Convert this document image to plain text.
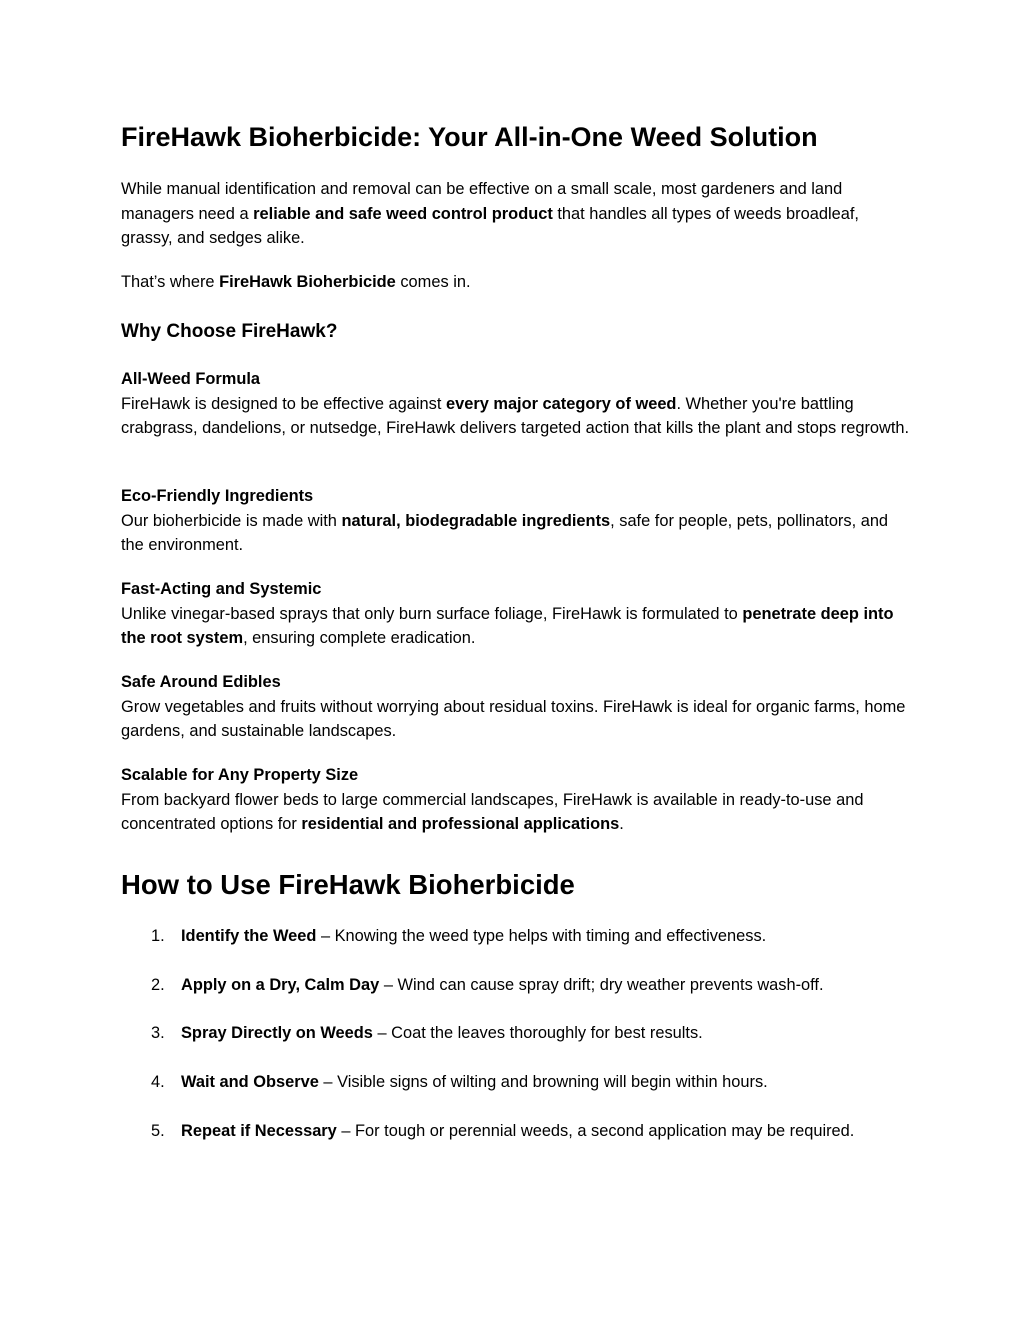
FireHawk Bioherbicide: Your All-in-One Weed Solution

While manual identification and removal can be effective on a small scale, most gardeners and land managers need a reliable and safe weed control product that handles all types of weeds broadleaf, grassy, and sedges alike.

That’s where FireHawk Bioherbicide comes in.

Why Choose FireHawk?

All-Weed Formula
FireHawk is designed to be effective against every major category of weed. Whether you're battling crabgrass, dandelions, or nutsedge, FireHawk delivers targeted action that kills the plant and stops regrowth.

Eco-Friendly Ingredients
Our bioherbicide is made with natural, biodegradable ingredients, safe for people, pets, pollinators, and the environment.

Fast-Acting and Systemic
Unlike vinegar-based sprays that only burn surface foliage, FireHawk is formulated to penetrate deep into the root system, ensuring complete eradication.

Safe Around Edibles
Grow vegetables and fruits without worrying about residual toxins. FireHawk is ideal for organic farms, home gardens, and sustainable landscapes.

Scalable for Any Property Size
From backyard flower beds to large commercial landscapes, FireHawk is available in ready-to-use and concentrated options for residential and professional applications.

How to Use FireHawk Bioherbicide
1. Identify the Weed – Knowing the weed type helps with timing and effectiveness.
2. Apply on a Dry, Calm Day – Wind can cause spray drift; dry weather prevents wash-off.
3. Spray Directly on Weeds – Coat the leaves thoroughly for best results.
4. Wait and Observe – Visible signs of wilting and browning will begin within hours.
5. Repeat if Necessary – For tough or perennial weeds, a second application may be required.
